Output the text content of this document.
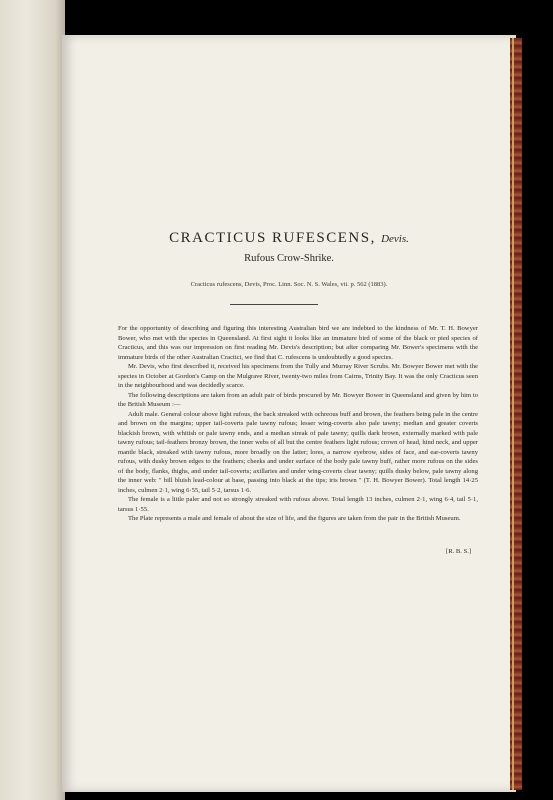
CRACTICUS RUFESCENS, Devis.
Rufous Crow-Shrike.
Cracticus rufescens, Devis, Proc. Linn. Soc. N. S. Wales, vii. p. 562 (1883).

For the opportunity of describing and figuring this interesting Australian bird we are indebted to the kindness of Mr. T. H. Bowyer Bower, who met with the species in Queensland. At first sight it looks like an immature bird of some of the black or pied species of Cracticus, and this was our impression on first reading Mr. Devis's description; but after comparing Mr. Bower's specimens with the immature birds of the other Australian Cractici, we find that C. rufescens is undoubtedly a good species.

Mr. Devis, who first described it, received his specimens from the Tully and Murray River Scrubs. Mr. Bowyer Bower met with the species in October at Gordon's Camp on the Mulgrave River, twenty-two miles from Cairns, Trinity Bay. It was the only Cracticus seen in the neighbourhood and was decidedly scarce.

The following descriptions are taken from an adult pair of birds procured by Mr. Bowyer Bower in Queensland and given by him to the British Museum :—

Adult male. General colour above light rufous, the back streaked with ochreous buff and brown, the feathers being pale in the centre and brown on the margins; upper tail-coverts pale tawny rufous; lesser wing-coverts also pale tawny; median and greater coverts blackish brown, with whitish or pale tawny ends, and a median streak of pale tawny; quills dark brown, externally marked with pale tawny rufous; tail-feathers bronzy brown, the inner webs of all but the centre feathers light rufous; crown of head, hind neck, and upper mantle black, streaked with tawny rufous, more broadly on the latter; lores, a narrow eyebrow, sides of face, and ear-coverts tawny rufous, with dusky brown edges to the feathers; cheeks and under surface of the body pale tawny buff, rather more rufous on the sides of the body, flanks, thighs, and under tail-coverts; axillaries and under wing-coverts clear tawny; quills dusky below, pale tawny along the inner web: " bill bluish lead-colour at base, passing into black at the tips; iris brown " (T. H. Bowyer Bower). Total length 14·25 inches, culmen 2·1, wing 6·55, tail 5·2, tarsus 1·6.

The female is a little paler and not so strongly streaked with rufous above. Total length 13 inches, culmen 2·1, wing 6·4, tail 5·1, tarsus 1·55.

The Plate represents a male and female of about the size of life, and the figures are taken from the pair in the British Museum.

[R. B. S.]
